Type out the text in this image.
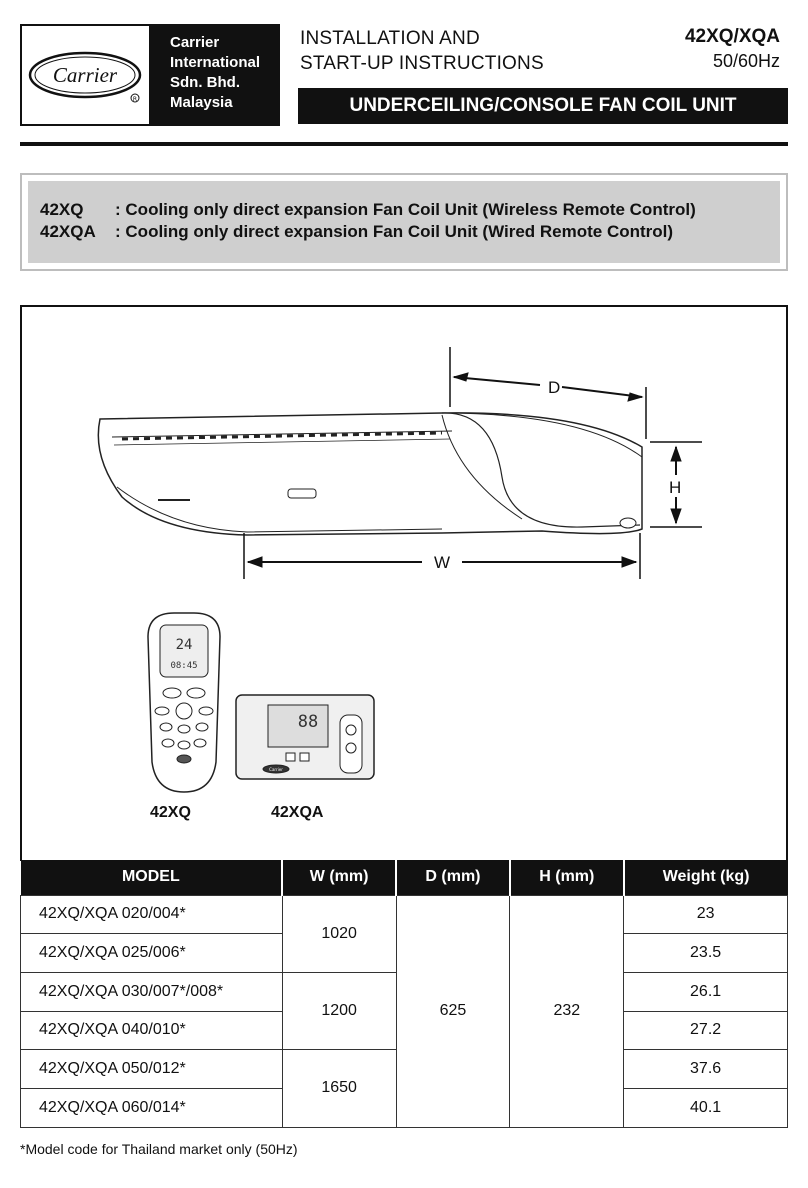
Carrier
R
Carrier
International
Sdn. Bhd.
Malaysia
INSTALLATION AND
START-UP INSTRUCTIONS
42XQ/XQA
50/60Hz
UNDERCEILING/CONSOLE FAN COIL UNIT
42XQ	:
Cooling only direct expansion Fan Coil Unit (Wireless Remote Control)
42XQA	:
Cooling only direct expansion Fan Coil Unit (Wired Remote Control)
D
W
H
24
08:45
88
Carrier
42XQ	42XQA
MODEL	W (mm)	D (mm)	H (mm)	Weight (kg)
42XQ/XQA 020/004*	1020	625	232	23
42XQ/XQA 025/006*				23.5
42XQ/XQA 030/007*/008*	1200			26.1
42XQ/XQA 040/010*				27.2
42XQ/XQA 050/012*	1650			37.6
42XQ/XQA 060/014*				40.1
*Model code for Thailand market only (50Hz)
